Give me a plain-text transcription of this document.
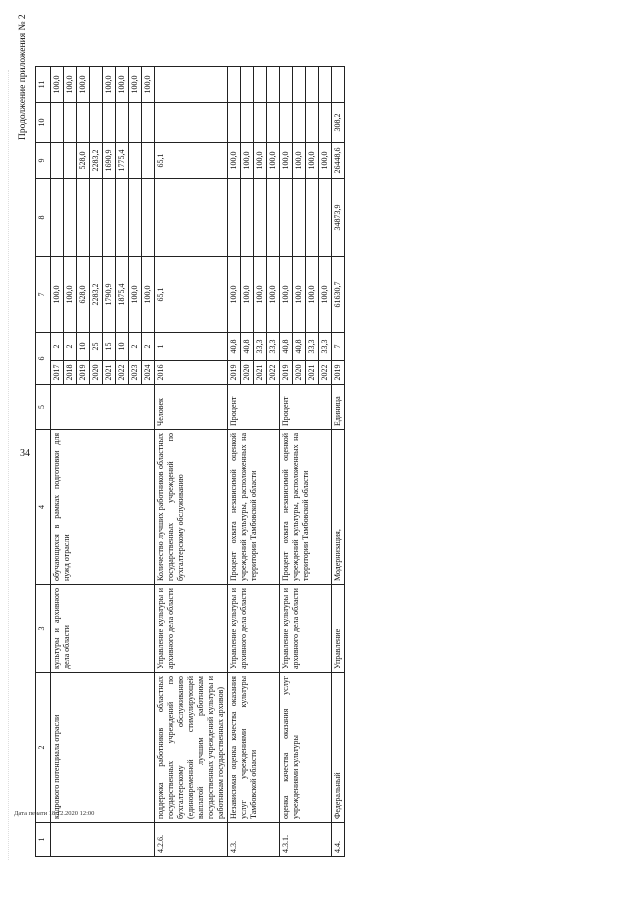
34
Дата печати 18.12.2020 12:00
Продолжение приложения № 2
1	2	3	4	5	6		7	8	9	10	11
	кадрового потенциала отрасли	культуры и архивного дела области	обучающихся в рамках подготовки для нужд отрасли		2017	2	100,0				100,0
					2018	2	100,0				100,0
					2019	10	628,0		528,0		100,0
					2020	25	2283,2		2283,2		
					2021	15	1790,9		1690,9		100,0
					2022	10	1875,4		1775,4		100,0
					2023	2	100,0				100,0
					2024	2	100,0				100,0
4.2.6.	поддержка работников областных государственных учреждений по бухгалтерскому обслуживанию (единовременной стимулирующей выплатой лучшим работникам государственных учреждений культуры и работникам государственных архивов)	Управление культуры и архивного дела области	Количество лучших работников областных государственных учреждений по бухгалтерскому обслуживанию	Человек	2016	1	65,1		65,1		
4.3.	Независимая оценка качества оказания услуг учреждениями культуры Тамбовской области	Управление культуры и архивного дела области	Процент охвата независимой оценкой учреждений культуры, расположенных на территории Тамбовской области	Процент	2019	40,8	100,0		100,0		
					2020	40,8	100,0		100,0		
					2021	33,3	100,0		100,0		
					2022	33,3	100,0		100,0		
4.3.1.	оценка качества оказания услуг учреждениями культуры	Управление культуры и архивного дела области	Процент охвата независимой оценкой учреждений культуры, расположенных на территории Тамбовской области	Процент	2019	40,8	100,0		100,0		
					2020	40,8	100,0		100,0		
					2021	33,3	100,0		100,0		
					2022	33,3	100,0		100,0		
4.4.	Федеральный	Управление	Модернизация,	Единица	2019	7	61630,7	34873,9	26448,6	308,2	
